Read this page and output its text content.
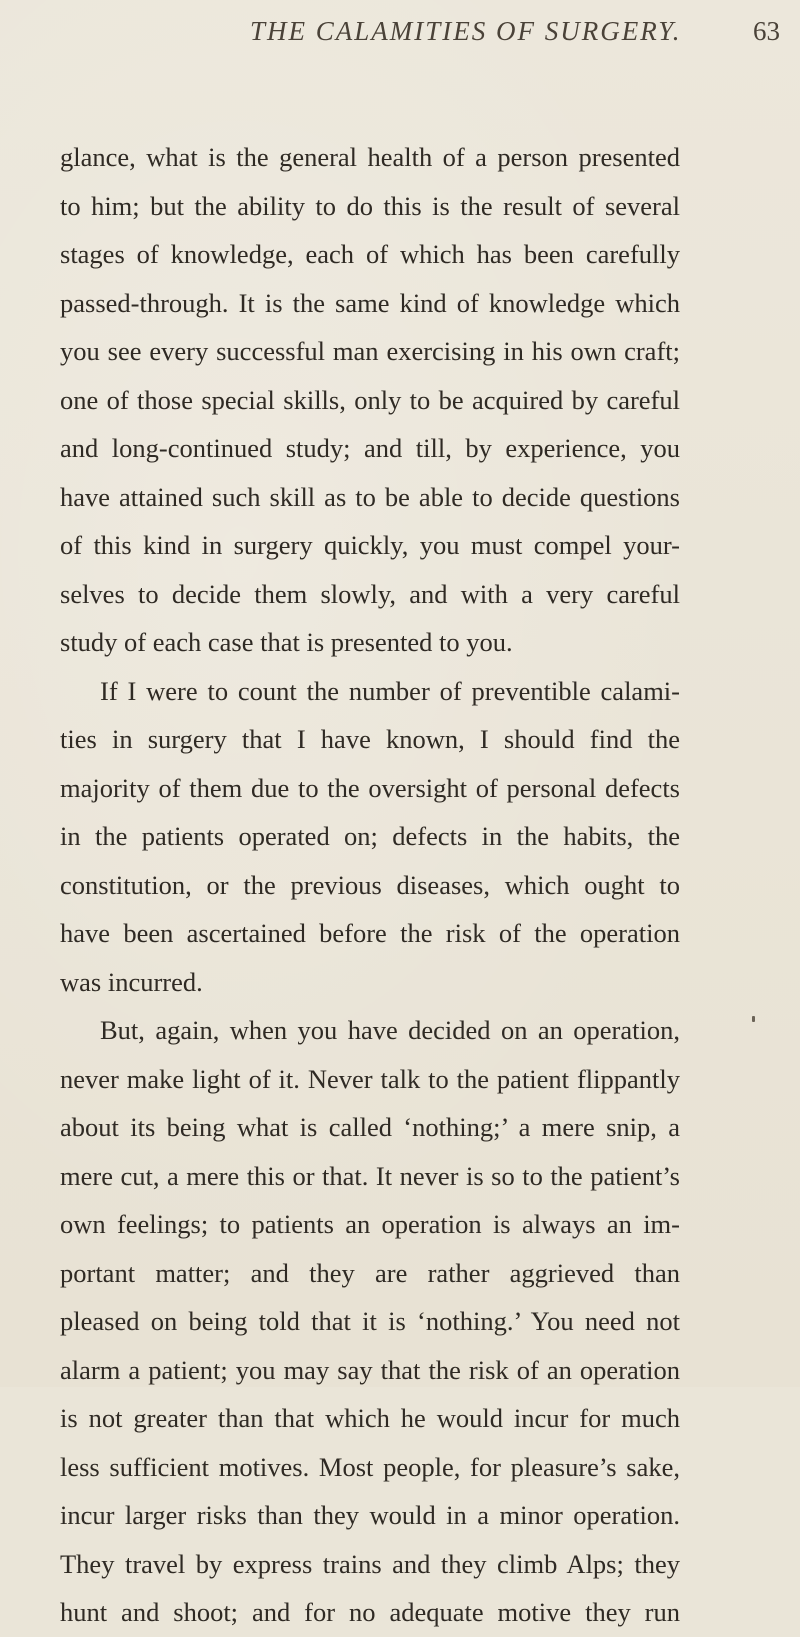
THE CALAMITIES OF SURGERY.	63
glance, what is the general health of a person presented
to him; but the ability to do this is the result of several
stages of knowledge, each of which has been carefully
passed-through. It is the same kind of knowledge which
you see every successful man exercising in his own craft;
one of those special skills, only to be acquired by careful
and long-continued study; and till, by experience, you
have attained such skill as to be able to decide questions
of this kind in surgery quickly, you must compel your-
selves to decide them slowly, and with a very careful
study of each case that is presented to you.
If I were to count the number of preventible calami-
ties in surgery that I have known, I should find the
majority of them due to the oversight of personal defects
in the patients operated on; defects in the habits, the
constitution, or the previous diseases, which ought to
have been ascertained before the risk of the operation
was incurred.
But, again, when you have decided on an operation,
never make light of it. Never talk to the patient flippantly
about its being what is called ‘nothing;’ a mere snip, a
mere cut, a mere this or that. It never is so to the patient’s
own feelings; to patients an operation is always an im-
portant matter; and they are rather aggrieved than
pleased on being told that it is ‘nothing.’ You need not
alarm a patient; you may say that the risk of an operation
is not greater than that which he would incur for much
less sufficient motives. Most people, for pleasure’s sake,
incur larger risks than they would in a minor operation.
They travel by express trains and they climb Alps; they
hunt and shoot; and for no adequate motive they run
